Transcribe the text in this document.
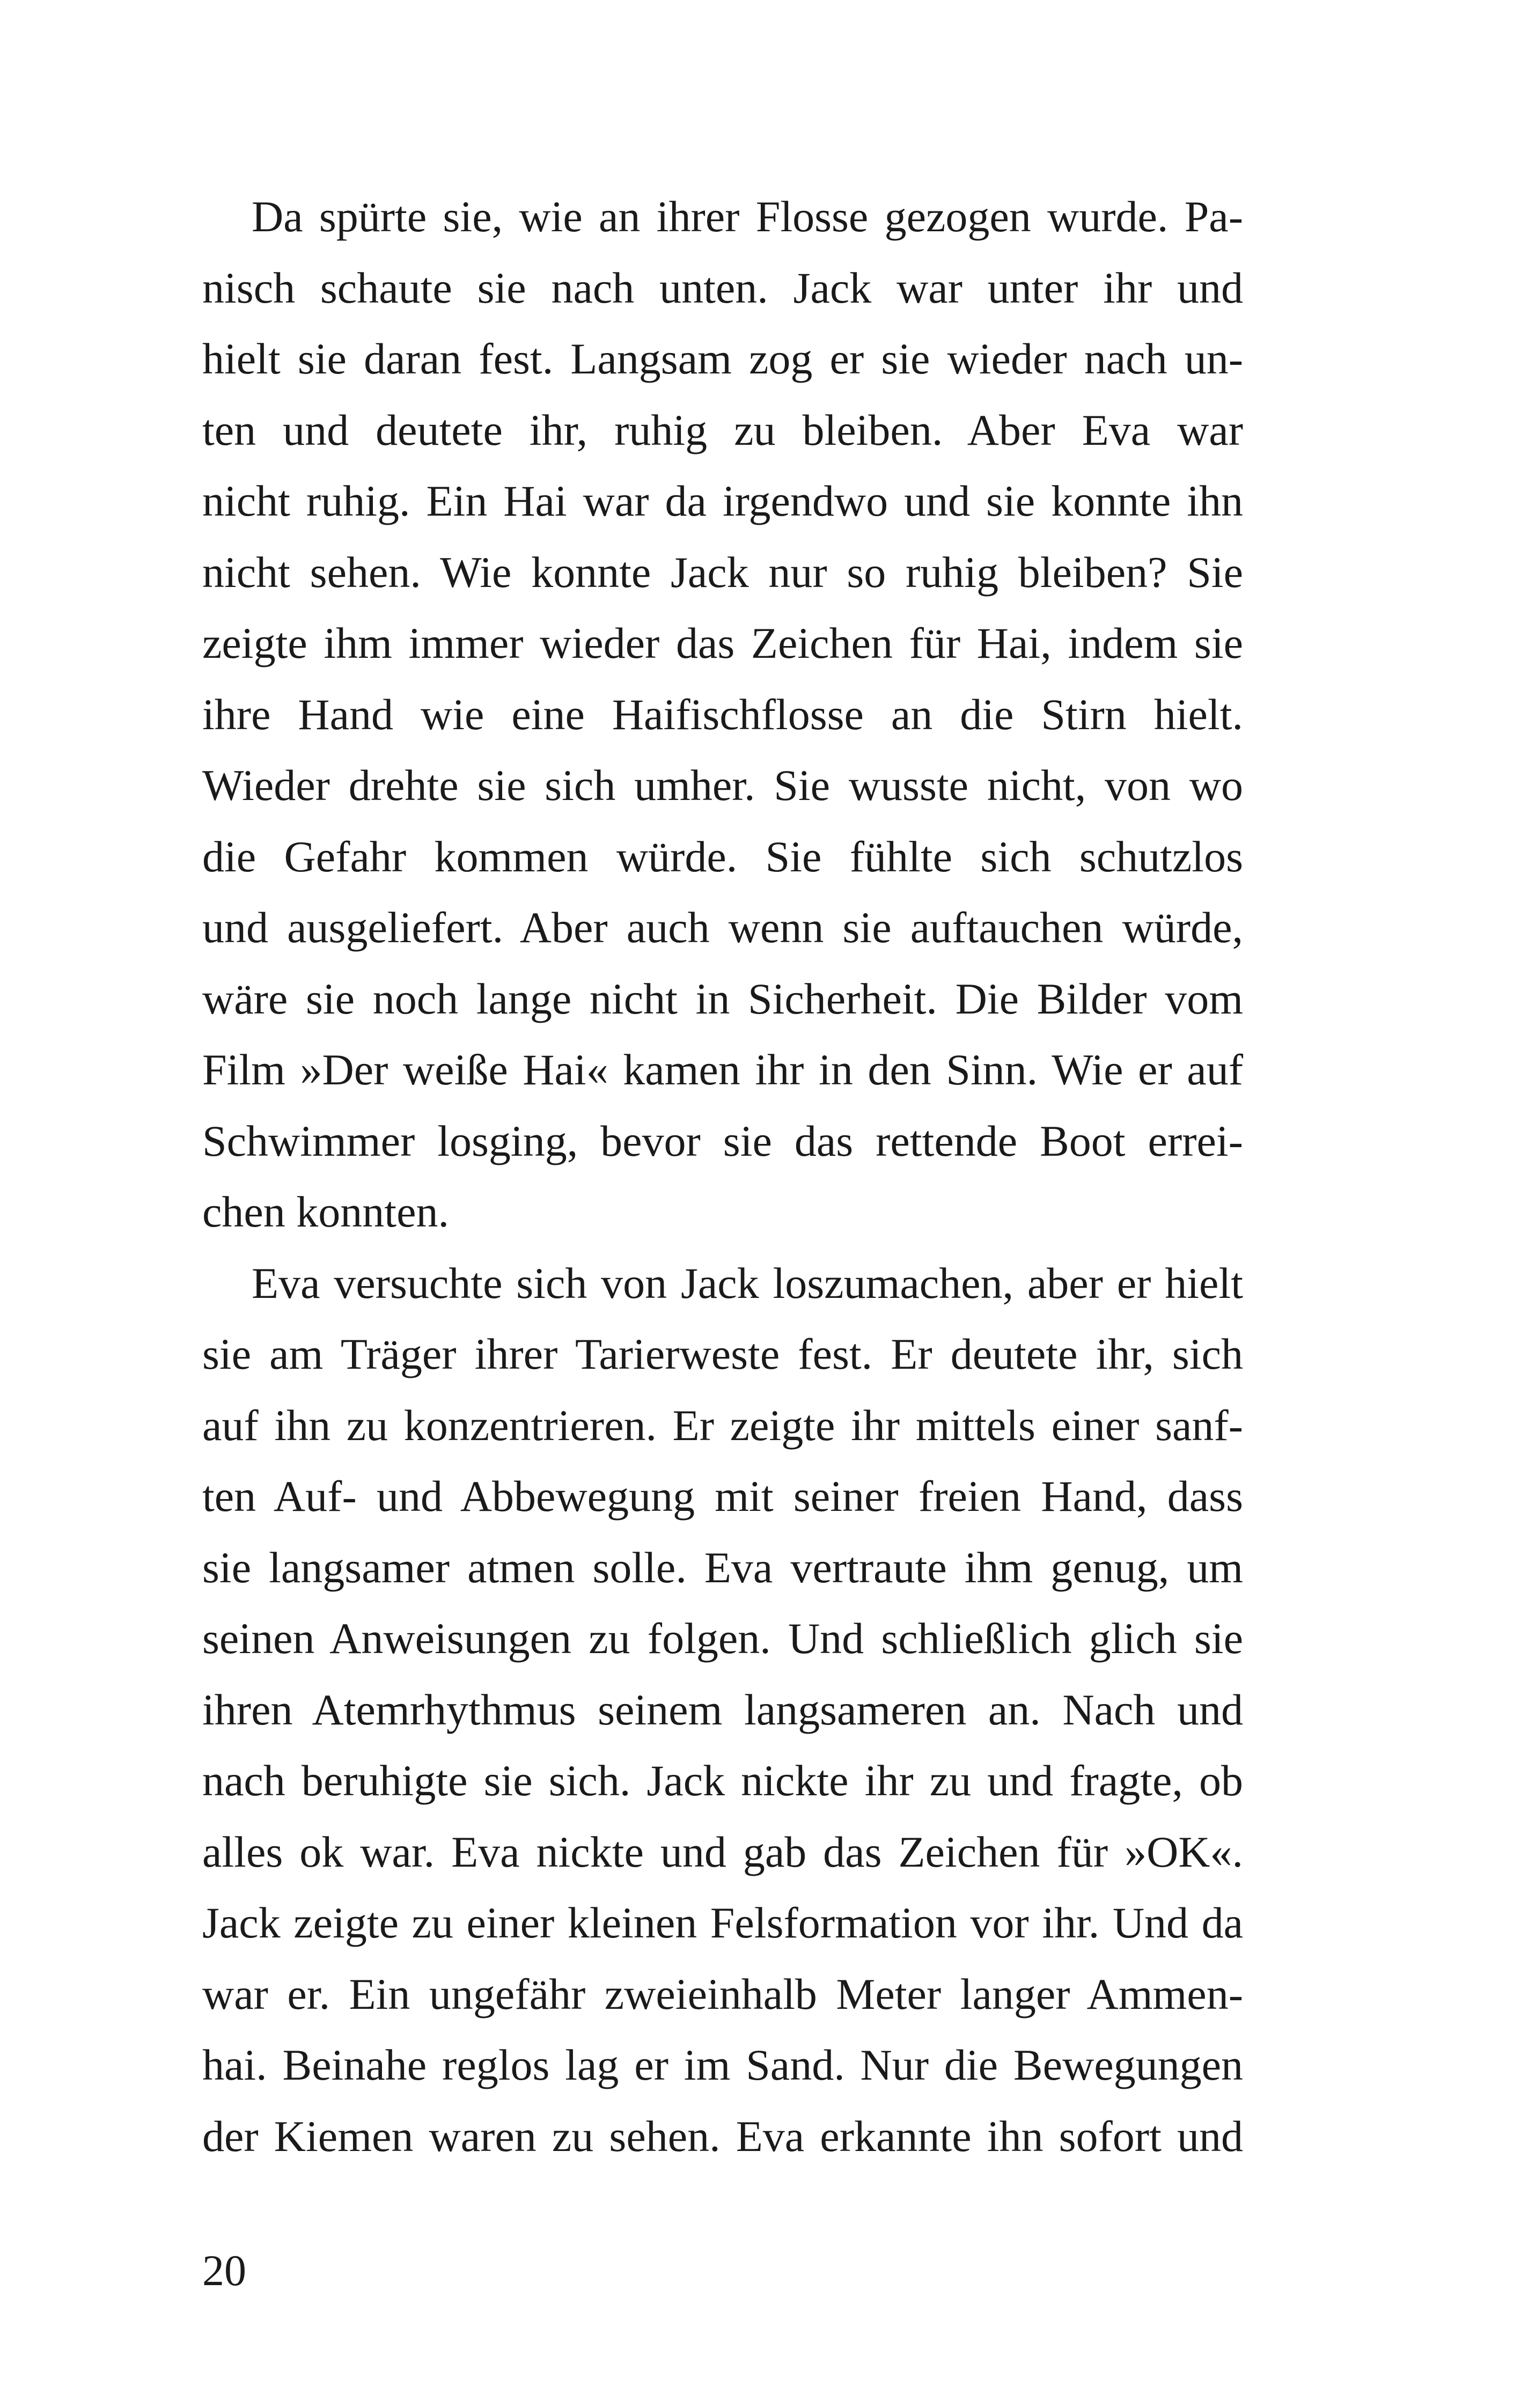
Da spürte sie, wie an ihrer Flosse gezogen wurde. Pa-
nisch schaute sie nach unten. Jack war unter ihr und
hielt sie daran fest. Langsam zog er sie wieder nach un-
ten und deutete ihr, ruhig zu bleiben. Aber Eva war
nicht ruhig. Ein Hai war da irgendwo und sie konnte ihn
nicht sehen. Wie konnte Jack nur so ruhig bleiben? Sie
zeigte ihm immer wieder das Zeichen für Hai, indem sie
ihre Hand wie eine Haifischflosse an die Stirn hielt.
Wieder drehte sie sich umher. Sie wusste nicht, von wo
die Gefahr kommen würde. Sie fühlte sich schutzlos
und ausgeliefert. Aber auch wenn sie auftauchen würde,
wäre sie noch lange nicht in Sicherheit. Die Bilder vom
Film »Der weiße Hai« kamen ihr in den Sinn. Wie er auf
Schwimmer losging, bevor sie das rettende Boot errei-
chen konnten.
Eva versuchte sich von Jack loszumachen, aber er hielt
sie am Träger ihrer Tarierweste fest. Er deutete ihr, sich
auf ihn zu konzentrieren. Er zeigte ihr mittels einer sanf-
ten Auf- und Abbewegung mit seiner freien Hand, dass
sie langsamer atmen solle. Eva vertraute ihm genug, um
seinen Anweisungen zu folgen. Und schließlich glich sie
ihren Atemrhythmus seinem langsameren an. Nach und
nach beruhigte sie sich. Jack nickte ihr zu und fragte, ob
alles ok war. Eva nickte und gab das Zeichen für »OK«.
Jack zeigte zu einer kleinen Felsformation vor ihr. Und da
war er. Ein ungefähr zweieinhalb Meter langer Ammen-
hai. Beinahe reglos lag er im Sand. Nur die Bewegungen
der Kiemen waren zu sehen. Eva erkannte ihn sofort und
20
